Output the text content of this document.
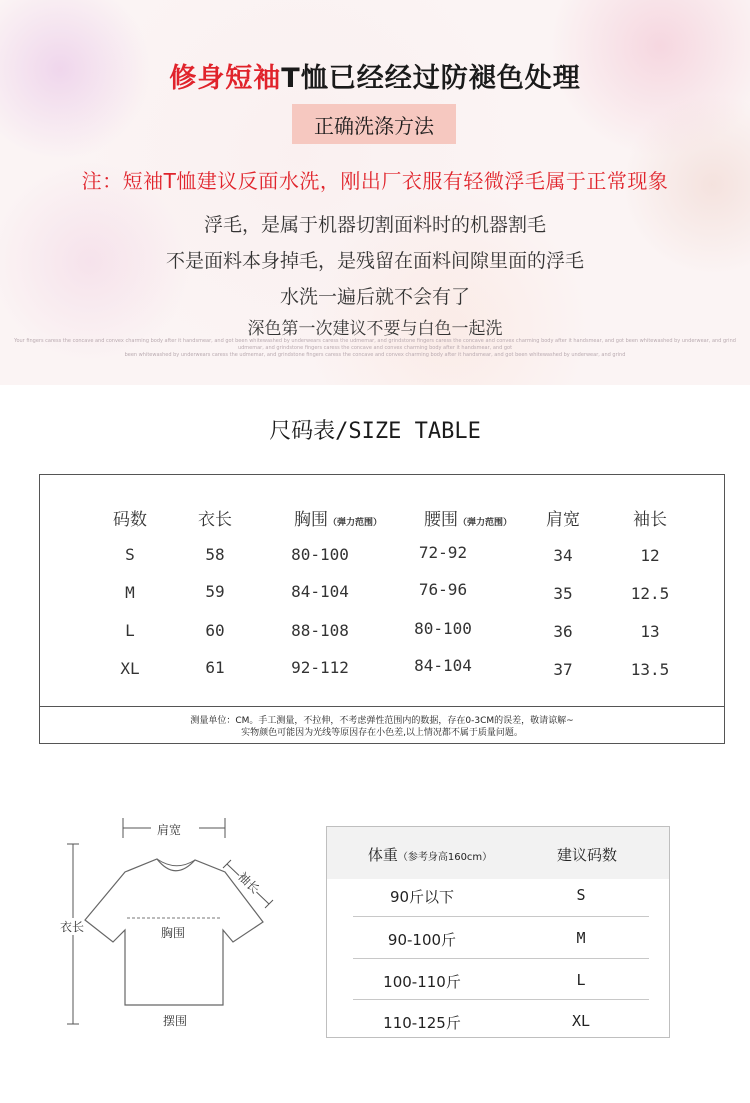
修身短袖T恤已经经过防褪色处理
正确洗涤方法
注：短袖T恤建议反面水洗，刚出厂衣服有轻微浮毛属于正常现象
浮毛，是属于机器切割面料时的机器割毛
不是面料本身掉毛，是残留在面料间隙里面的浮毛
水洗一遍后就不会有了
深色第一次建议不要与白色一起洗
Your fingers caress the concave and convex charming body after it handsmear, and got been whitewashed by underwears caress the udmemar, and grindstone fingers caress the concave and convex charming body after it handsmear, and got been whitewashed by underwear, and grind
udmemar, and grindstone fingers caress the concave and convex charming body after it handsmear, and got
been whitewashed by underwears caress the udmemar, and grindstone fingers caress the concave and convex charming body after it handsmear, and got been whitewashed by underwear, and grind
尺码表/SIZE TABLE
码数	衣长	胸围（弹力范围）	腰围（弹力范围）	肩宽	袖长
S	58	80-100	72-92	34	12
M	59	84-104	76-96	35	12.5
L	60	88-108	80-100	36	13
XL	61	92-112	84-104	37	13.5
测量单位：CM。手工测量，不拉伸，不考虑弹性范围内的数据，存在0-3CM的误差，敬请谅解~
实物颜色可能因为光线等原因存在小色差,以上情况都不属于质量问题。
肩宽
袖长
衣长	胸围
摆围
体重（参考身高160cm）	建议码数
90斤以下	S
90-100斤	M
100-110斤	L
110-125斤	XL
